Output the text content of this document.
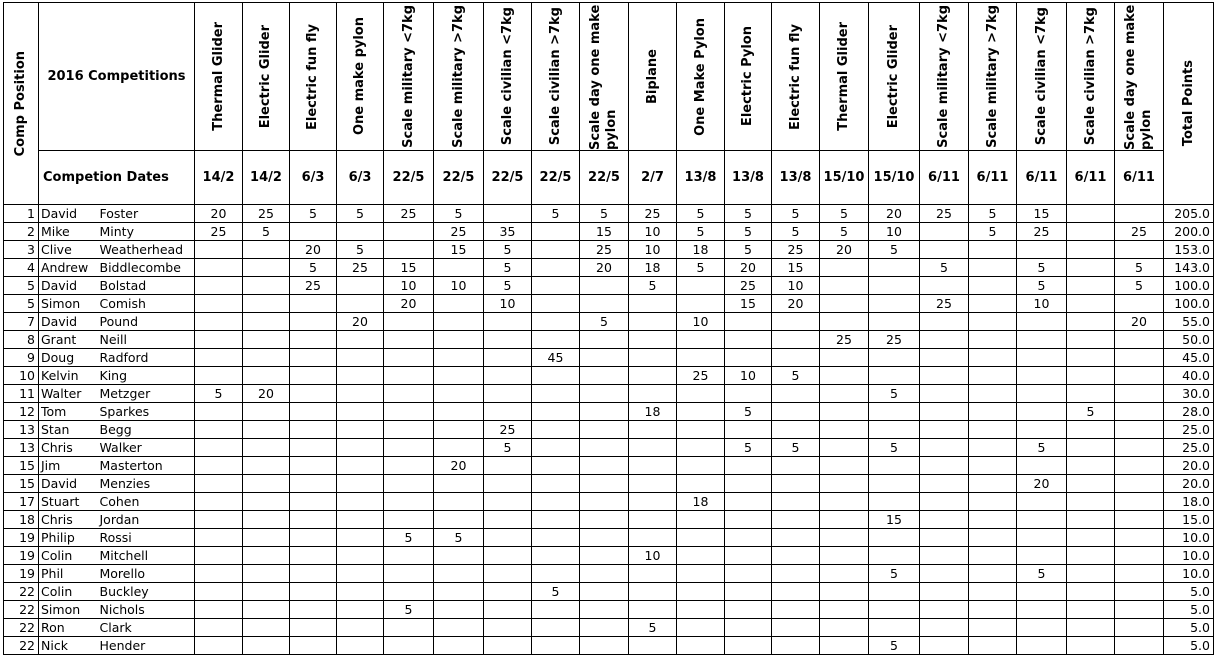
Comp Position	2016 Competitions		Thermal Glider	Electric Glider	Electric fun fly	One make pylon	Scale military <7kg	Scale military >7kg	Scale civilian <7kg	Scale civilian >7kg	Scale day one make pylon	Biplane	One Make Pylon	Electric Pylon	Electric fun fly	Thermal Glider	Electric Glider	Scale military <7kg	Scale military >7kg	Scale civilian <7kg	Scale civilian >7kg	Scale day one make pylon	Total Points

	Competion Dates		14/2	14/2	6/3	6/3	22/5	22/5	22/5	22/5	22/5	2/7	13/8	13/8	13/8	15/10	15/10	6/11	6/11	6/11	6/11	6/11	
1	David	Foster	20	25	5	5	25	5		5	5	25	5	5	5	5	20	25	5	15			205.0
2	Mike	Minty	25	5				25	35		15	10	5	5	5	5	10		5	25		25	200.0
3	Clive	Weatherhead			20	5		15	5		25	10	18	5	25	20	5						153.0
4	Andrew	Biddlecombe			5	25	15		5		20	18	5	20	15			5		5		5	143.0
5	David	Bolstad			25		10	10	5			5		25	10					5		5	100.0
5	Simon	Comish					20		10					15	20			25		10			100.0
7	David	Pound				20					5		10									20	55.0
8	Grant	Neill														25	25						50.0
9	Doug	Radford								45													45.0
10	Kelvin	King											25	10	5								40.0
11	Walter	Metzger	5	20													5						30.0
12	Tom	Sparkes										18		5							5		28.0
13	Stan	Begg							25														25.0
13	Chris	Walker							5					5	5		5			5			25.0
15	Jim	Masterton						20															20.0
15	David	Menzies																		20			20.0
17	Stuart	Cohen											18										18.0
18	Chris	Jordan															15						15.0
19	Philip	Rossi					5	5															10.0
19	Colin	Mitchell										10											10.0
19	Phil	Morello															5			5			10.0
22	Colin	Buckley								5													5.0
22	Simon	Nichols					5																5.0
22	Ron	Clark										5											5.0
22	Nick	Hender															5						5.0
